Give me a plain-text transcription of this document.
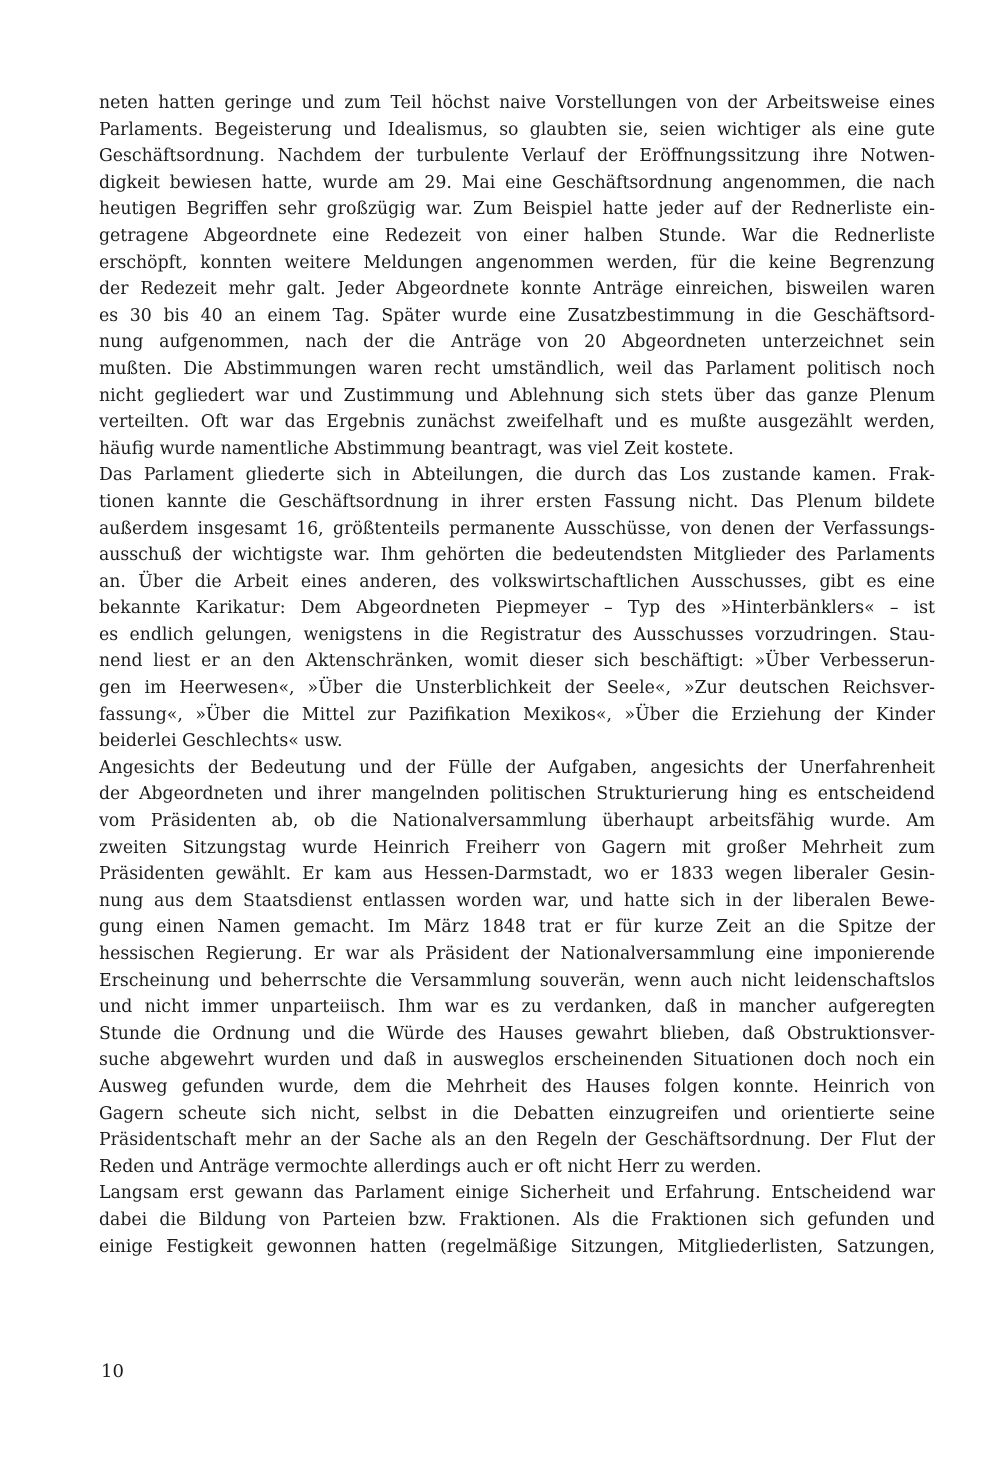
neten hatten geringe und zum Teil höchst naive Vorstellungen von der Arbeitsweise eines
Parlaments. Begeisterung und Idealismus, so glaubten sie, seien wichtiger als eine gute
Geschäftsordnung. Nachdem der turbulente Verlauf der Eröffnungssitzung ihre Notwen-
digkeit bewiesen hatte, wurde am 29. Mai eine Geschäftsordnung angenommen, die nach
heutigen Begriffen sehr großzügig war. Zum Beispiel hatte jeder auf der Rednerliste ein-
getragene Abgeordnete eine Redezeit von einer halben Stunde. War die Rednerliste
erschöpft, konnten weitere Meldungen angenommen werden, für die keine Begrenzung
der Redezeit mehr galt. Jeder Abgeordnete konnte Anträge einreichen, bisweilen waren
es 30 bis 40 an einem Tag. Später wurde eine Zusatzbestimmung in die Geschäftsord-
nung aufgenommen, nach der die Anträge von 20 Abgeordneten unterzeichnet sein
mußten. Die Abstimmungen waren recht umständlich, weil das Parlament politisch noch
nicht gegliedert war und Zustimmung und Ablehnung sich stets über das ganze Plenum
verteilten. Oft war das Ergebnis zunächst zweifelhaft und es mußte ausgezählt werden,
häufig wurde namentliche Abstimmung beantragt, was viel Zeit kostete.
Das Parlament gliederte sich in Abteilungen, die durch das Los zustande kamen. Frak-
tionen kannte die Geschäftsordnung in ihrer ersten Fassung nicht. Das Plenum bildete
außerdem insgesamt 16, größtenteils permanente Ausschüsse, von denen der Verfassungs-
ausschuß der wichtigste war. Ihm gehörten die bedeutendsten Mitglieder des Parlaments
an. Über die Arbeit eines anderen, des volkswirtschaftlichen Ausschusses, gibt es eine
bekannte Karikatur: Dem Abgeordneten Piepmeyer – Typ des »Hinterbänklers« – ist
es endlich gelungen, wenigstens in die Registratur des Ausschusses vorzudringen. Stau-
nend liest er an den Aktenschränken, womit dieser sich beschäftigt: »Über Verbesserun-
gen im Heerwesen«, »Über die Unsterblichkeit der Seele«, »Zur deutschen Reichsver-
fassung«, »Über die Mittel zur Pazifikation Mexikos«, »Über die Erziehung der Kinder
beiderlei Geschlechts« usw.
Angesichts der Bedeutung und der Fülle der Aufgaben, angesichts der Unerfahrenheit
der Abgeordneten und ihrer mangelnden politischen Strukturierung hing es entscheidend
vom Präsidenten ab, ob die Nationalversammlung überhaupt arbeitsfähig wurde. Am
zweiten Sitzungstag wurde Heinrich Freiherr von Gagern mit großer Mehrheit zum
Präsidenten gewählt. Er kam aus Hessen-Darmstadt, wo er 1833 wegen liberaler Gesin-
nung aus dem Staatsdienst entlassen worden war, und hatte sich in der liberalen Bewe-
gung einen Namen gemacht. Im März 1848 trat er für kurze Zeit an die Spitze der
hessischen Regierung. Er war als Präsident der Nationalversammlung eine imponierende
Erscheinung und beherrschte die Versammlung souverän, wenn auch nicht leidenschaftslos
und nicht immer unparteiisch. Ihm war es zu verdanken, daß in mancher aufgeregten
Stunde die Ordnung und die Würde des Hauses gewahrt blieben, daß Obstruktionsver-
suche abgewehrt wurden und daß in ausweglos erscheinenden Situationen doch noch ein
Ausweg gefunden wurde, dem die Mehrheit des Hauses folgen konnte. Heinrich von
Gagern scheute sich nicht, selbst in die Debatten einzugreifen und orientierte seine
Präsidentschaft mehr an der Sache als an den Regeln der Geschäftsordnung. Der Flut der
Reden und Anträge vermochte allerdings auch er oft nicht Herr zu werden.
Langsam erst gewann das Parlament einige Sicherheit und Erfahrung. Entscheidend war
dabei die Bildung von Parteien bzw. Fraktionen. Als die Fraktionen sich gefunden und
einige Festigkeit gewonnen hatten (regelmäßige Sitzungen, Mitgliederlisten, Satzungen,
10
